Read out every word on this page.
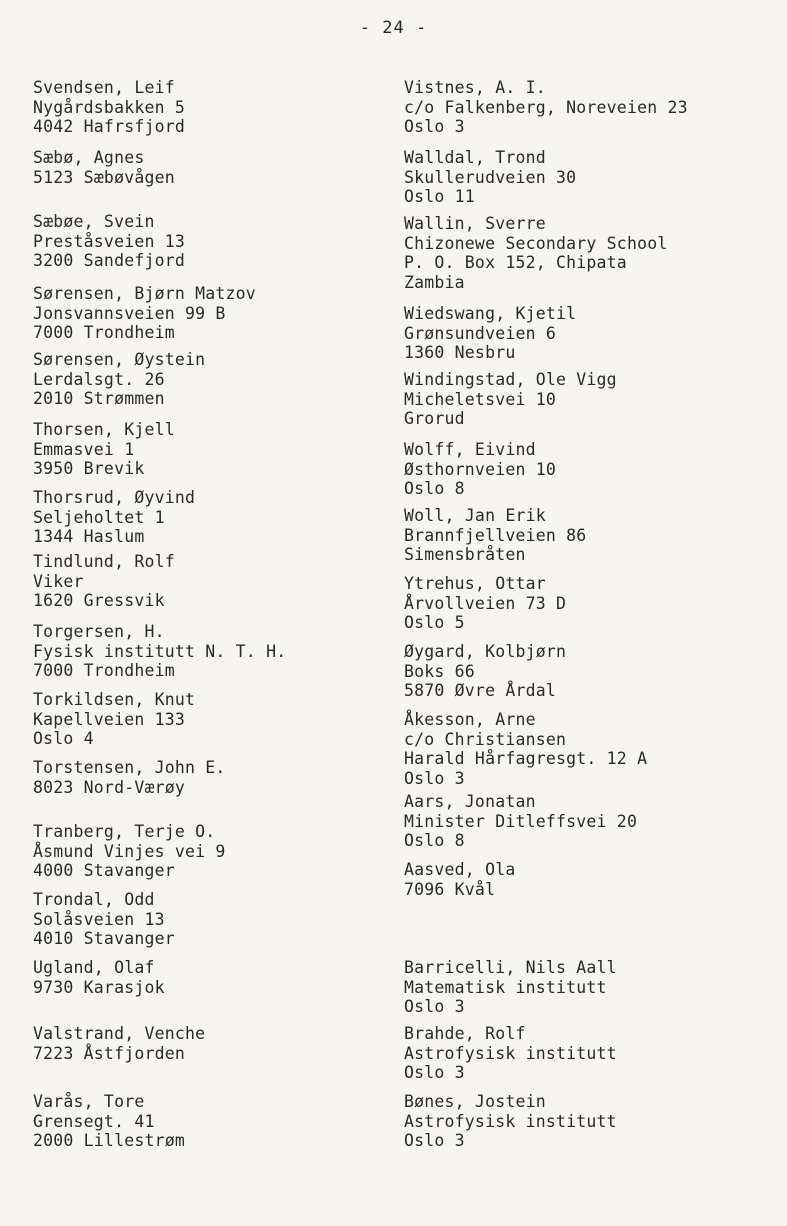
- 24 -
Svendsen, Leif
Nygårdsbakken 5
4042 Hafrsfjord
Sæbø, Agnes
5123 Sæbøvågen
Sæbøe, Svein
Preståsveien 13
3200 Sandefjord
Sørensen, Bjørn Matzov
Jonsvannsveien 99 B
7000 Trondheim
Sørensen, Øystein
Lerdalsgt. 26
2010 Strømmen
Thorsen, Kjell
Emmasvei 1
3950 Brevik
Thorsrud, Øyvind
Seljeholtet 1
1344 Haslum
Tindlund, Rolf
Viker
1620 Gressvik
Torgersen, H.
Fysisk institutt N. T. H.
7000 Trondheim
Torkildsen, Knut
Kapellveien 133
Oslo 4
Torstensen, John E.
8023 Nord-Værøy
Tranberg, Terje O.
Åsmund Vinjes vei 9
4000 Stavanger
Trondal, Odd
Solåsveien 13
4010 Stavanger
Ugland, Olaf
9730 Karasjok
Valstrand, Venche
7223 Åstfjorden
Varås, Tore
Grensegt. 41
2000 Lillestrøm
Vistnes, A. I.
c/o Falkenberg, Noreveien 23
Oslo 3
Walldal, Trond
Skullerudveien 30
Oslo 11
Wallin, Sverre
Chizonewe Secondary School
P. O. Box 152, Chipata
Zambia
Wiedswang, Kjetil
Grønsundveien 6
1360 Nesbru
Windingstad, Ole Vigg
Micheletsvei 10
Grorud
Wolff, Eivind
Østhornveien 10
Oslo 8
Woll, Jan Erik
Brannfjellveien 86
Simensbråten
Ytrehus, Ottar
Årvollveien 73 D
Oslo 5
Øygard, Kolbjørn
Boks 66
5870 Øvre Årdal
Åkesson, Arne
c/o Christiansen
Harald Hårfagresgt. 12 A
Oslo 3
Aars, Jonatan
Minister Ditleffsvei 20
Oslo 8
Aasved, Ola
7096 Kvål
Barricelli, Nils Aall
Matematisk institutt
Oslo 3
Brahde, Rolf
Astrofysisk institutt
Oslo 3
Bønes, Jostein
Astrofysisk institutt
Oslo 3
